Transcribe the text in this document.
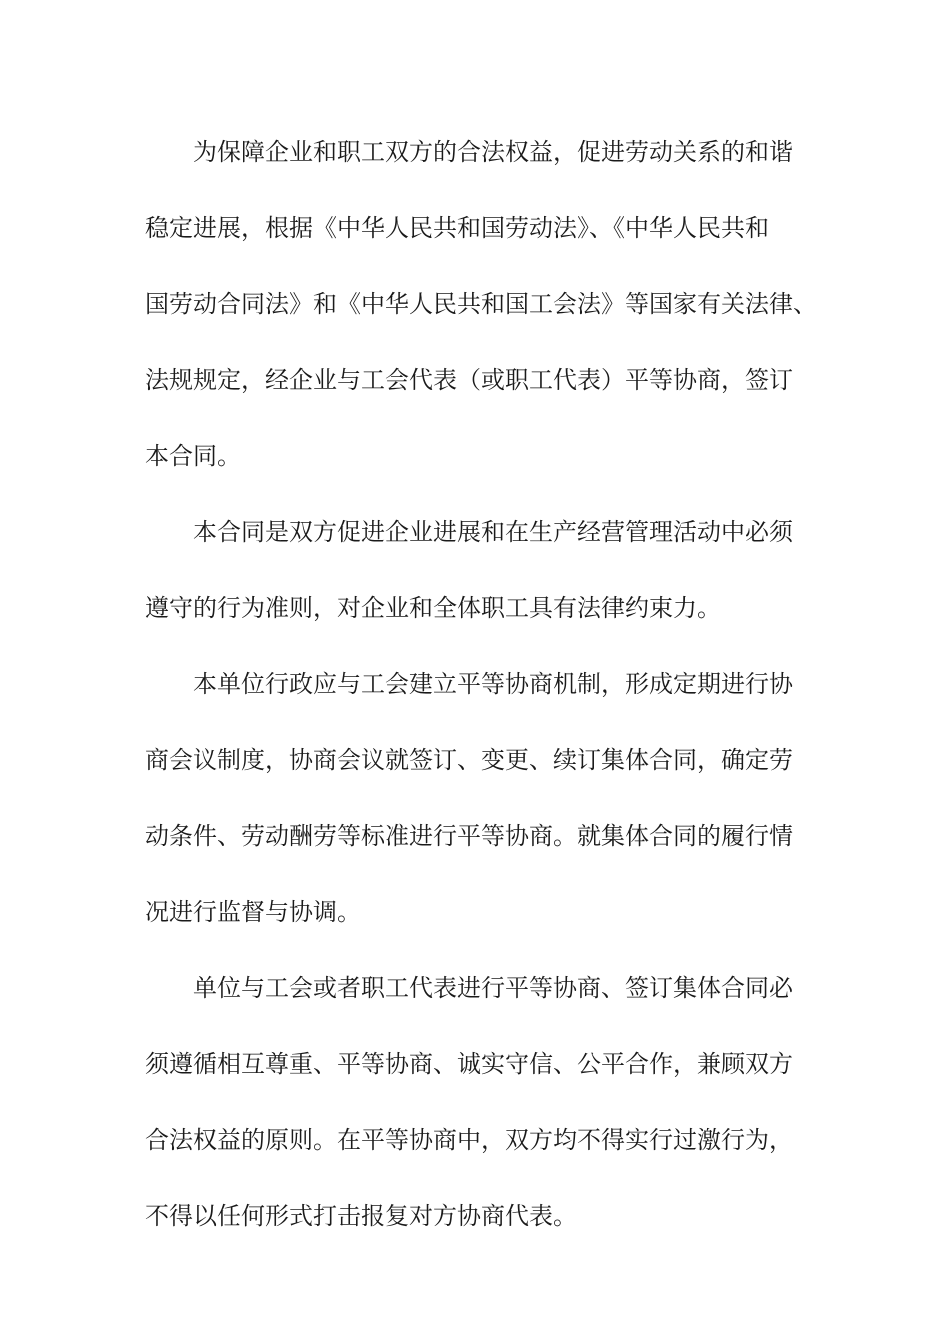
为保障企业和职工双方的合法权益，促进劳动关系的和谐
稳定进展，根据《中华人民共和国劳动法》、《中华人民共和
国劳动合同法》和《中华人民共和国工会法》等国家有关法律、
法规规定，经企业与工会代表（或职工代表）平等协商，签订
本合同。
本合同是双方促进企业进展和在生产经营管理活动中必须
遵守的行为准则，对企业和全体职工具有法律约束力。
本单位行政应与工会建立平等协商机制，形成定期进行协
商会议制度，协商会议就签订、变更、续订集体合同，确定劳
动条件、劳动酬劳等标准进行平等协商。就集体合同的履行情
况进行监督与协调。
单位与工会或者职工代表进行平等协商、签订集体合同必
须遵循相互尊重、平等协商、诚实守信、公平合作，兼顾双方
合法权益的原则。在平等协商中，双方均不得实行过激行为，
不得以任何形式打击报复对方协商代表。
